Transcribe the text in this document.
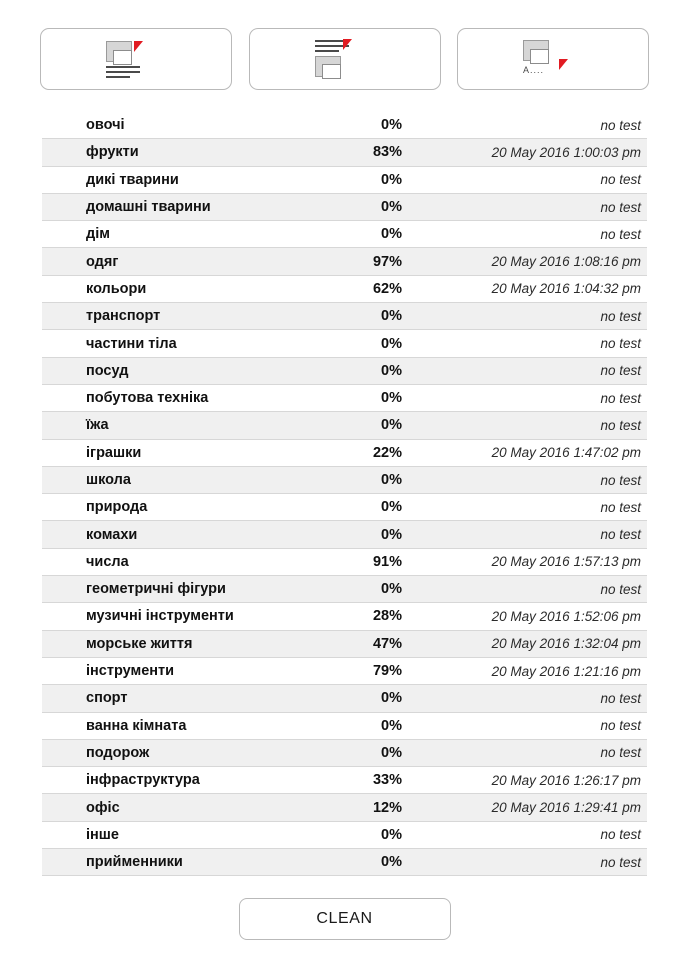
A....
овочі	0%	no test
фрукти	83%	20 May 2016 1:00:03 pm
дикі тварини	0%	no test
домашні тварини	0%	no test
дім	0%	no test
одяг	97%	20 May 2016 1:08:16 pm
кольори	62%	20 May 2016 1:04:32 pm
транспорт	0%	no test
частини тіла	0%	no test
посуд	0%	no test
побутова техніка	0%	no test
їжа	0%	no test
іграшки	22%	20 May 2016 1:47:02 pm
школа	0%	no test
природа	0%	no test
комахи	0%	no test
числа	91%	20 May 2016 1:57:13 pm
геометричні фігури	0%	no test
музичні інструменти	28%	20 May 2016 1:52:06 pm
морське життя	47%	20 May 2016 1:32:04 pm
інструменти	79%	20 May 2016 1:21:16 pm
спорт	0%	no test
ванна кімната	0%	no test
подорож	0%	no test
інфраструктура	33%	20 May 2016 1:26:17 pm
офіс	12%	20 May 2016 1:29:41 pm
інше	0%	no test
прийменники	0%	no test
CLEAN
